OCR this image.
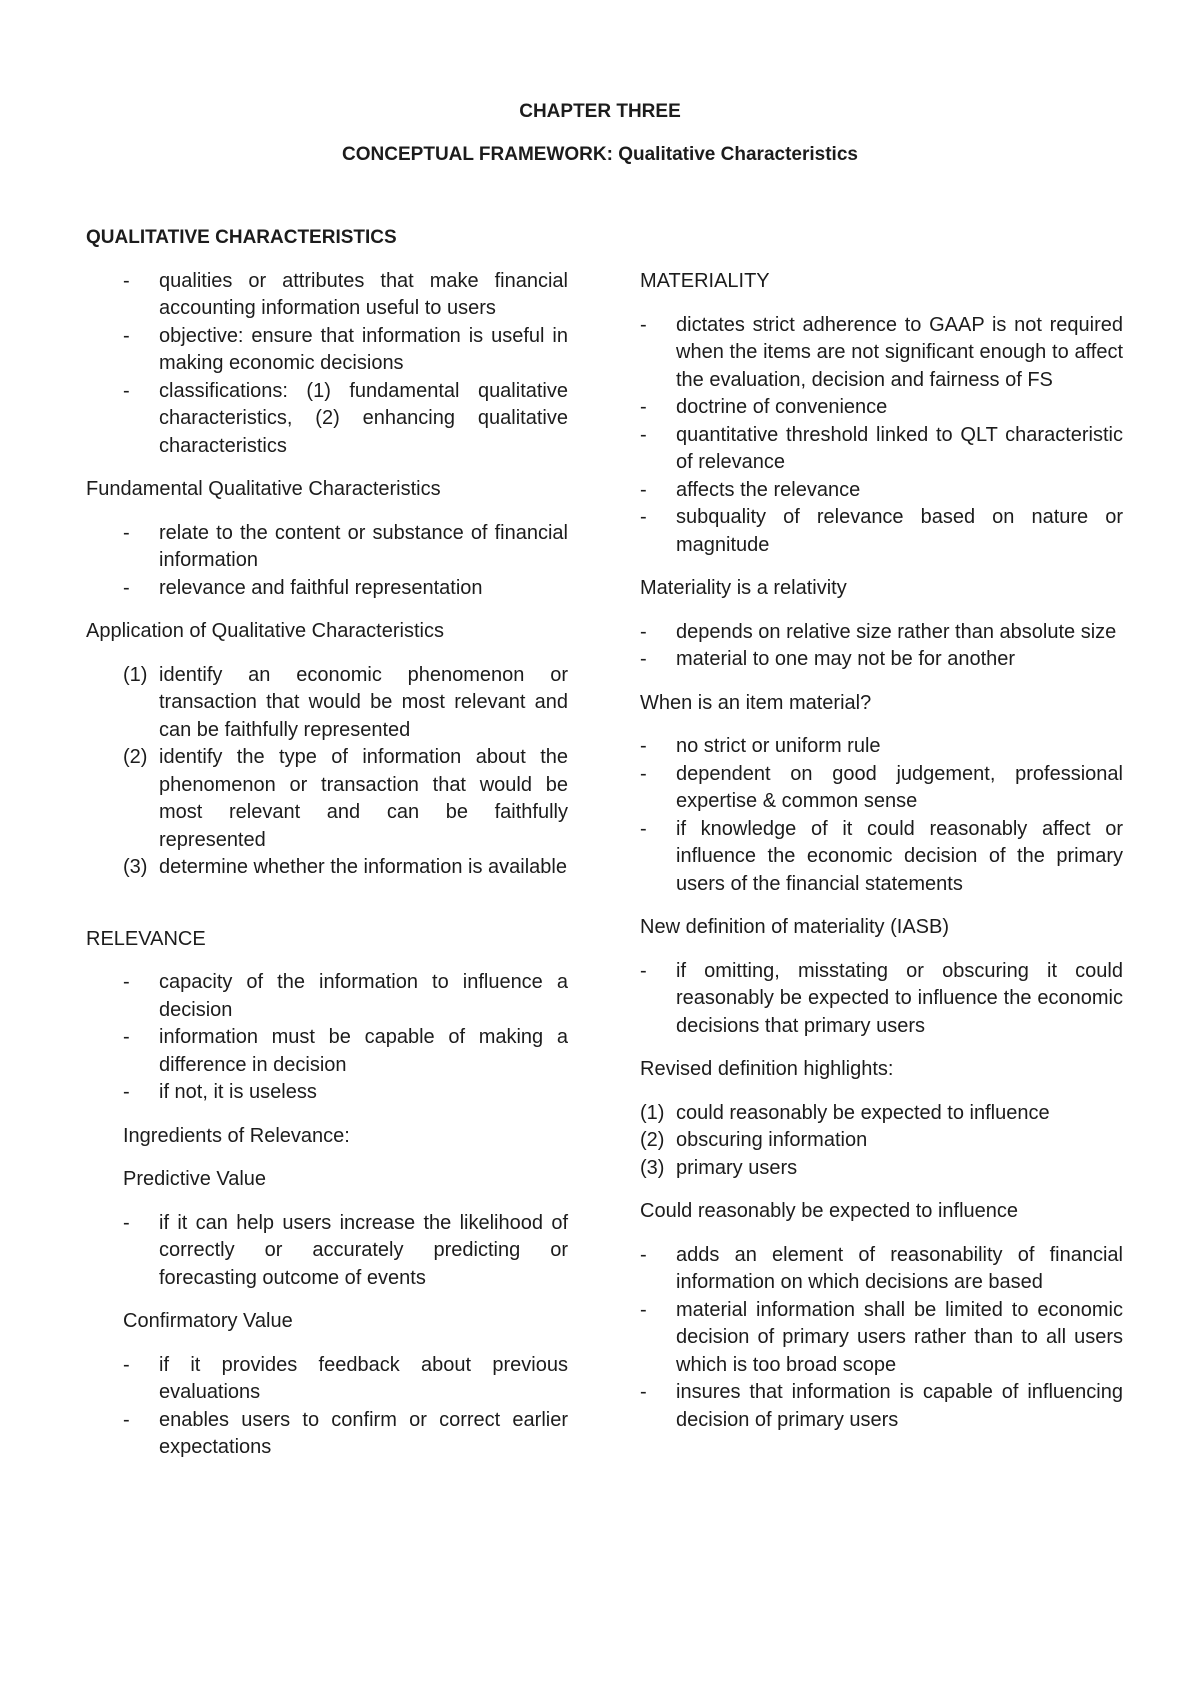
CHAPTER THREE
CONCEPTUAL FRAMEWORK: Qualitative Characteristics
QUALITATIVE CHARACTERISTICS
- qualities or attributes that make financial accounting information useful to users
- objective: ensure that information is useful in making economic decisions
- classifications: (1) fundamental qualitative characteristics, (2) enhancing qualitative characteristics
Fundamental Qualitative Characteristics
- relate to the content or substance of financial information
- relevance and faithful representation
Application of Qualitative Characteristics
(1) identify an economic phenomenon or transaction that would be most relevant and can be faithfully represented
(2) identify the type of information about the phenomenon or transaction that would be most relevant and can be faithfully represented
(3) determine whether the information is available
RELEVANCE
- capacity of the information to influence a decision
- information must be capable of making a difference in decision
- if not, it is useless
Ingredients of Relevance:
Predictive Value
- if it can help users increase the likelihood of correctly or accurately predicting or forecasting outcome of events
Confirmatory Value
- if it provides feedback about previous evaluations
- enables users to confirm or correct earlier expectations
MATERIALITY
- dictates strict adherence to GAAP is not required when the items are not significant enough to affect the evaluation, decision and fairness of FS
- doctrine of convenience
- quantitative threshold linked to QLT characteristic of relevance
- affects the relevance
- subquality of relevance based on nature or magnitude
Materiality is a relativity
- depends on relative size rather than absolute size
- material to one may not be for another
When is an item material?
- no strict or uniform rule
- dependent on good judgement, professional expertise & common sense
- if knowledge of it could reasonably affect or influence the economic decision of the primary users of the financial statements
New definition of materiality (IASB)
- if omitting, misstating or obscuring it could reasonably be expected to influence the economic decisions that primary users
Revised definition highlights:
(1) could reasonably be expected to influence
(2) obscuring information
(3) primary users
Could reasonably be expected to influence
- adds an element of reasonability of financial information on which decisions are based
- material information shall be limited to economic decision of primary users rather than to all users which is too broad scope
- insures that information is capable of influencing decision of primary users
